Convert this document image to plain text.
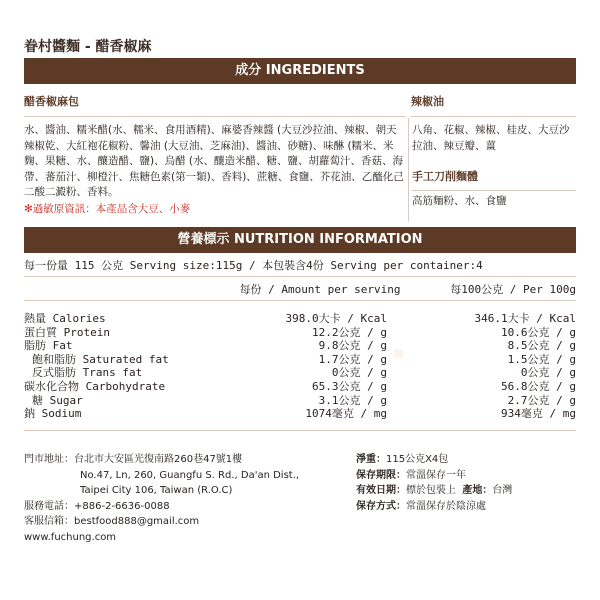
眷村醬麵 - 醋香椒麻
成分 INGREDIENTS
醋香椒麻包	辣椒油
水、醬油、糯米醋(水、糯米、食用酒精)、麻婆香辣醬 (大豆沙拉油、辣椒、朝天辣椒乾、大紅袍花椒粉、馨油 (大豆油、芝麻油)、醬油、砂糖)、味醂 (糯米、米麴、果糖、水、釀造醋、鹽)、烏醋 (水、釀造米醋、糖、鹽、胡蘿蔔汁、香菇、海帶、蕃茄汁、柳橙汁、焦糖色素(第一類)、香料)、蔗糖、食鹽、芥花油、乙醯化己二酸二澱粉、香料。
✻過敏原資訊：本產品含大豆、小麥
八角、花椒、辣椒、桂皮、大豆沙拉油、辣豆瓣、薑
手工刀削麵體
高筋麵粉、水、食鹽
營養標示 NUTRITION INFORMATION
每一份量 115 公克 Serving size:115g / 本包裝含4份 Serving per container:4
每份 / Amount per serving	每100公克 / Per 100g
熱量 Calories	398.0大卡 / Kcal	346.1大卡 / Kcal
蛋白質 Protein	12.2公克 / g	10.6公克 / g
脂肪 Fat	9.8公克 / g	8.5公克 / g
飽和脂肪 Saturated fat	1.7公克 / g	1.5公克 / g
反式脂肪 Trans fat	0公克 / g	0公克 / g
碳水化合物 Carbohydrate	65.3公克 / g	56.8公克 / g
糖 Sugar	3.1公克 / g	2.7公克 / g
鈉 Sodium	1074毫克 / mg	934毫克 / mg
門市地址：台北市大安區光復南路260巷47號1樓
No.47, Ln, 260, Guangfu S. Rd., Da'an Dist.,
Taipei City 106, Taiwan (R.O.C)
服務電話：+886-2-6636-0088
客服信箱：bestfood888@gmail.com
www.fuchung.com
淨重：115公克X4包
保存期限：常溫保存一年
有效日期：標於包裝上 產地：台灣
保存方式：常溫保存於陰涼處
